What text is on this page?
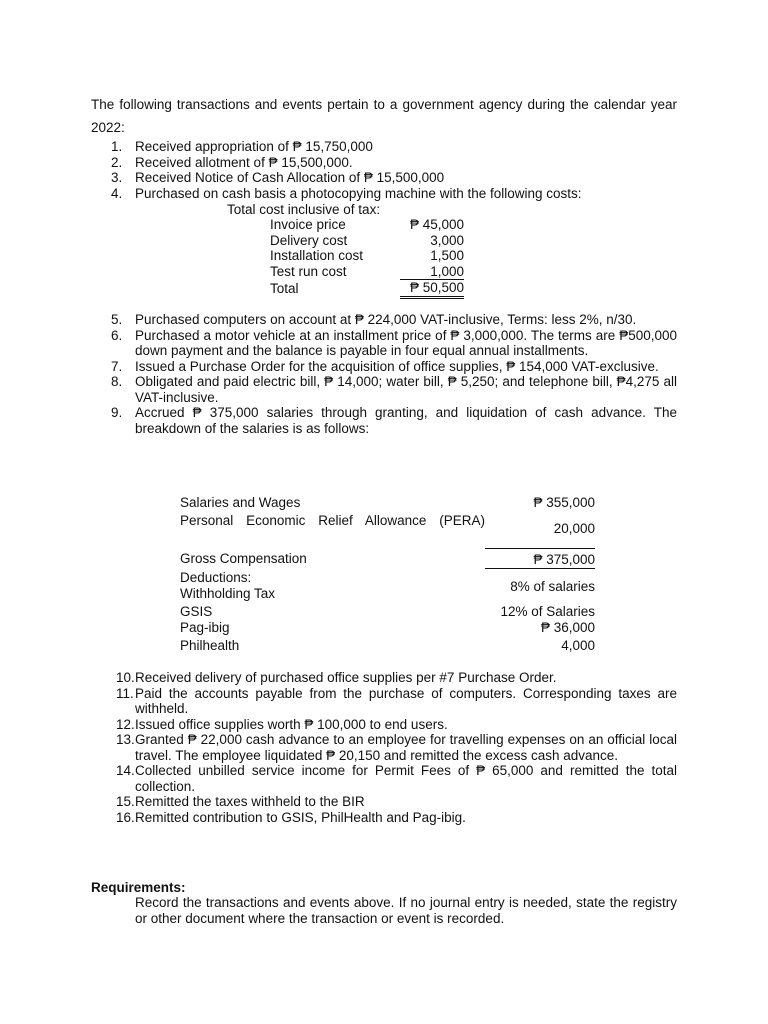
The following transactions and events pertain to a government agency during the calendar year 2022:
1. Received appropriation of ₱ 15,750,000
2. Received allotment of ₱ 15,500,000.
3. Received Notice of Cash Allocation of ₱ 15,500,000
4. Purchased on cash basis a photocopying machine with the following costs:
Total cost inclusive of tax:
Invoice price	₱ 45,000
Delivery cost	3,000
Installation cost	1,500
Test run cost	1,000
Total	₱ 50,500
5. Purchased computers on account at ₱ 224,000 VAT-inclusive, Terms: less 2%, n/30.
6. Purchased a motor vehicle at an installment price of ₱ 3,000,000. The terms are ₱500,000 down payment and the balance is payable in four equal annual installments.
7. Issued a Purchase Order for the acquisition of office supplies, ₱ 154,000 VAT-exclusive.
8. Obligated and paid electric bill, ₱ 14,000; water bill, ₱ 5,250; and telephone bill, ₱4,275 all VAT-inclusive.
9. Accrued ₱ 375,000 salaries through granting, and liquidation of cash advance. The breakdown of the salaries is as follows:
Salaries and Wages	₱ 355,000
Personal Economic Relief Allowance (PERA)	20,000
Gross Compensation	₱ 375,000

Deductions:
Withholding Tax	8% of salaries
GSIS	12% of Salaries
Pag-ibig	₱ 36,000
Philhealth	4,000
10. Received delivery of purchased office supplies per #7 Purchase Order.
11. Paid the accounts payable from the purchase of computers. Corresponding taxes are withheld.
12. Issued office supplies worth ₱ 100,000 to end users.
13. Granted ₱ 22,000 cash advance to an employee for travelling expenses on an official local travel. The employee liquidated ₱ 20,150 and remitted the excess cash advance.
14. Collected unbilled service income for Permit Fees of ₱ 65,000 and remitted the total collection.
15. Remitted the taxes withheld to the BIR
16. Remitted contribution to GSIS, PhilHealth and Pag-ibig.
Requirements:
Record the transactions and events above. If no journal entry is needed, state the registry or other document where the transaction or event is recorded.
